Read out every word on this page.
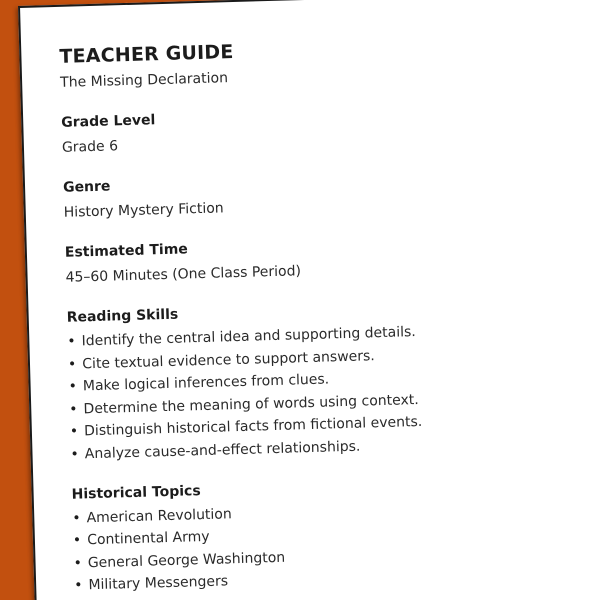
TEACHER GUIDE

The Missing Declaration

Grade Level

Grade 6

Genre

History Mystery Fiction

Estimated Time

45–60 Minutes (One Class Period)

Reading Skills

• Identify the central idea and supporting details.
• Cite textual evidence to support answers.
• Make logical inferences from clues.
• Determine the meaning of words using context.
• Distinguish historical facts from fictional events.
• Analyze cause-and-effect relationships.

Historical Topics

• American Revolution
• Continental Army
• General George Washington
• Military Messengers
